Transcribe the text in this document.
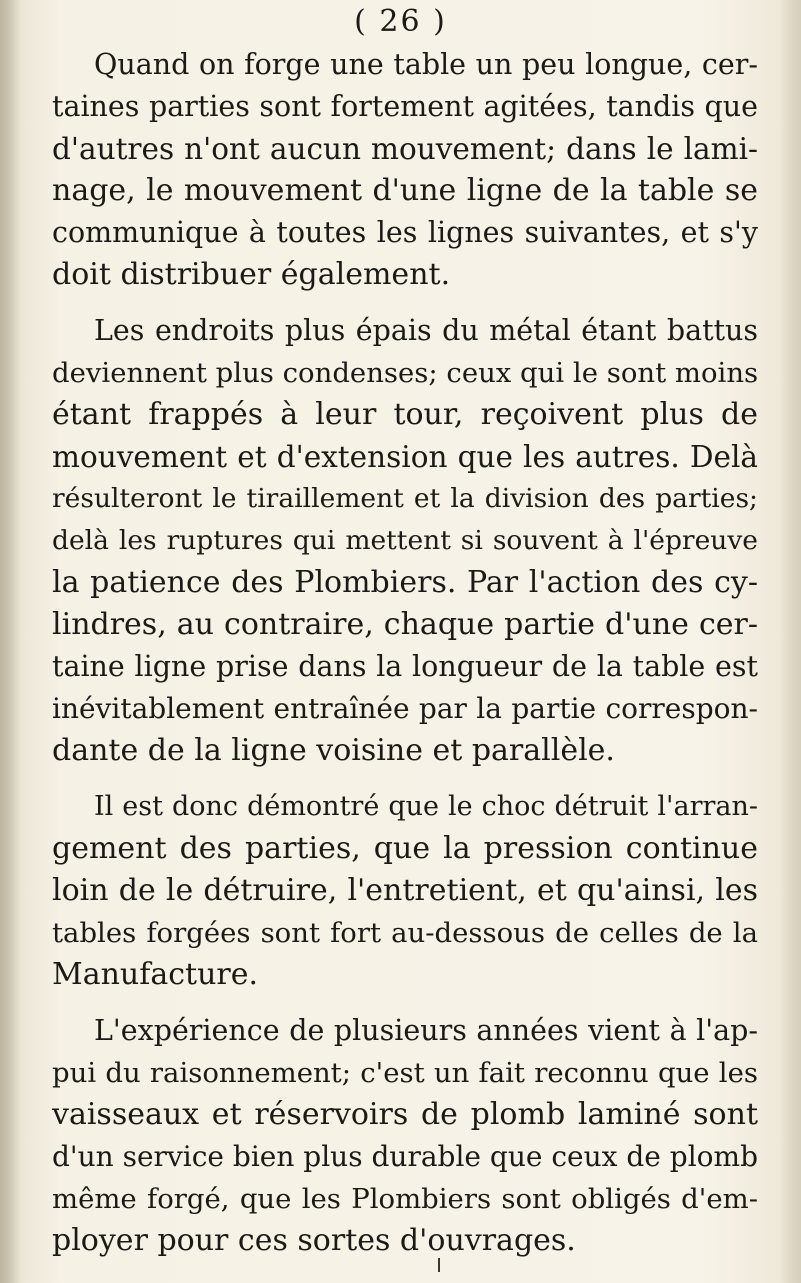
( 26 )
Quand on forge une table un peu longue, cer-
taines parties sont fortement agitées, tandis que
d'autres n'ont aucun mouvement; dans le lami-
nage, le mouvement d'une ligne de la table se
communique à toutes les lignes suivantes, et s'y
doit distribuer également.
Les endroits plus épais du métal étant battus
deviennent plus condenses; ceux qui le sont moins
étant frappés à leur tour, reçoivent plus de
mouvement et d'extension que les autres. Delà
résulteront le tiraillement et la division des parties;
delà les ruptures qui mettent si souvent à l'épreuve
la patience des Plombiers. Par l'action des cy-
lindres, au contraire, chaque partie d'une cer-
taine ligne prise dans la longueur de la table est
inévitablement entraînée par la partie correspon-
dante de la ligne voisine et parallèle.
Il est donc démontré que le choc détruit l'arran-
gement des parties, que la pression continue
loin de le détruire, l'entretient, et qu'ainsi, les
tables forgées sont fort au-dessous de celles de la
Manufacture.
L'expérience de plusieurs années vient à l'ap-
pui du raisonnement; c'est un fait reconnu que les
vaisseaux et réservoirs de plomb laminé sont
d'un service bien plus durable que ceux de plomb
même forgé, que les Plombiers sont obligés d'em-
ployer pour ces sortes d'ouvrages.
